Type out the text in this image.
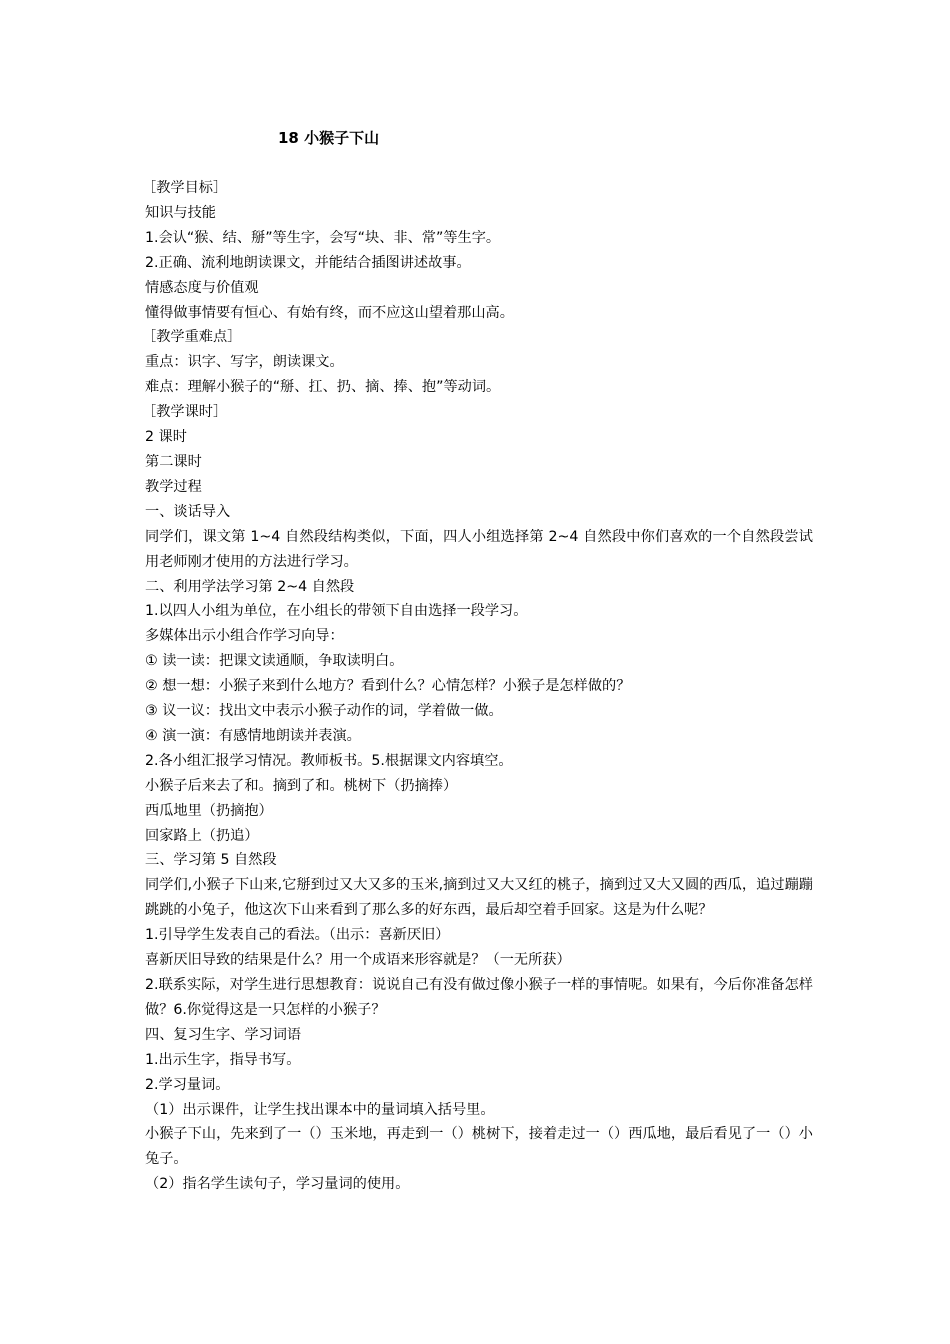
18 小猴子下山
［教学目标］
知识与技能
1.会认“猴、结、掰”等生字，会写“块、非、常”等生字。
2.正确、流利地朗读课文，并能结合插图讲述故事。
情感态度与价值观
懂得做事情要有恒心、有始有终，而不应这山望着那山高。
［教学重难点］
重点：识字、写字，朗读课文。
难点：理解小猴子的“掰、扛、扔、摘、捧、抱”等动词。
［教学课时］
2 课时
第二课时
教学过程
一、谈话导入
同学们，课文第 1~4 自然段结构类似，下面，四人小组选择第 2~4 自然段中你们喜欢的一个自然段尝试用老师刚才使用的方法进行学习。
二、利用学法学习第 2~4 自然段
1.以四人小组为单位，在小组长的带领下自由选择一段学习。
多媒体出示小组合作学习向导：
① 读一读：把课文读通顺，争取读明白。
② 想一想：小猴子来到什么地方？看到什么？心情怎样？小猴子是怎样做的？
③ 议一议：找出文中表示小猴子动作的词，学着做一做。
④ 演一演：有感情地朗读并表演。
2.各小组汇报学习情况。教师板书。5.根据课文内容填空。
小猴子后来去了和。摘到了和。桃树下（扔摘捧）
西瓜地里（扔摘抱）
回家路上（扔追）
三、学习第 5 自然段
同学们,小猴子下山来,它掰到过又大又多的玉米,摘到过又大又红的桃子，摘到过又大又圆的西瓜，追过蹦蹦跳跳的小兔子，他这次下山来看到了那么多的好东西，最后却空着手回家。这是为什么呢？
1.引导学生发表自己的看法。（出示：喜新厌旧）
喜新厌旧导致的结果是什么？用一个成语来形容就是？（一无所获）
2.联系实际，对学生进行思想教育：说说自己有没有做过像小猴子一样的事情呢。如果有，今后你准备怎样做？6.你觉得这是一只怎样的小猴子？
四、复习生字、学习词语
1.出示生字，指导书写。
2.学习量词。
（1）出示课件，让学生找出课本中的量词填入括号里。
小猴子下山，先来到了一（）玉米地，再走到一（）桃树下，接着走过一（）西瓜地，最后看见了一（）小兔子。
（2）指名学生读句子，学习量词的使用。
